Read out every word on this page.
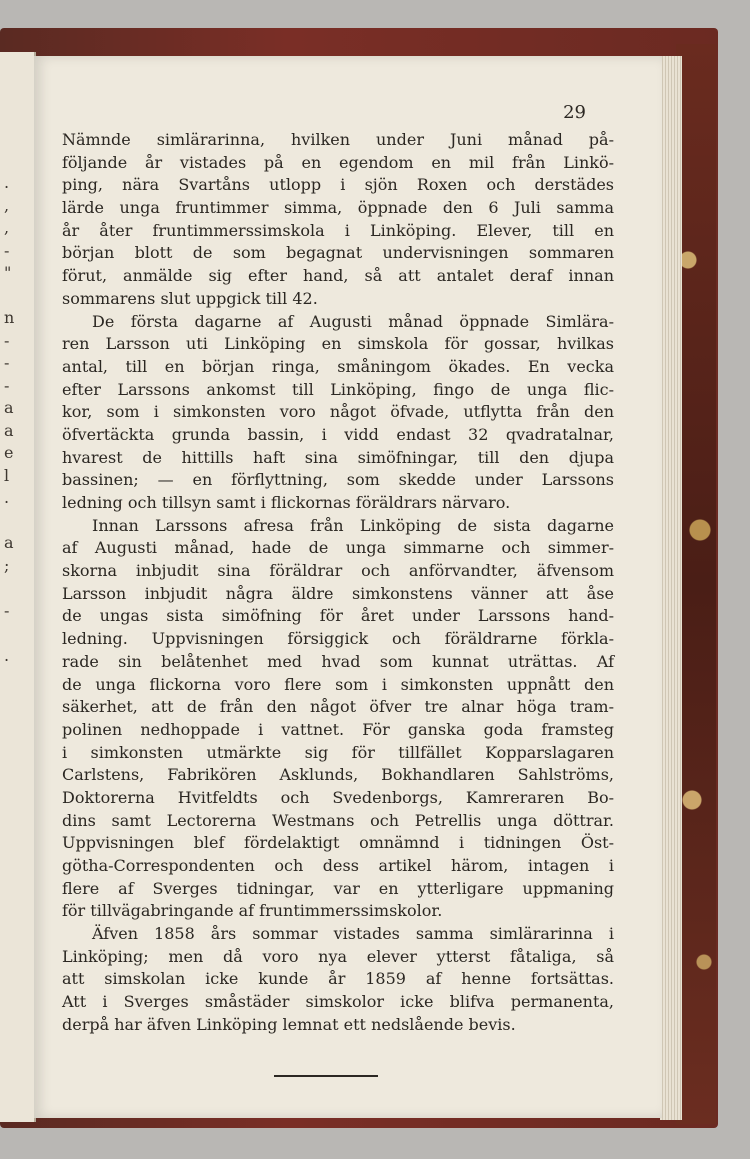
.
,
,
-
"
n
-
-
-
a
a
e
l
.
a
;
-
.
29
Nämnde simlärarinna, hvilken under Juni månad på-
följande år vistades på en egendom en mil från Linkö-
ping, nära Svartåns utlopp i sjön Roxen och derstädes
lärde unga fruntimmer simma, öppnade den 6 Juli samma
år åter fruntimmerssimskola i Linköping. Elever, till en
början blott de som begagnat undervisningen sommaren
förut, anmälde sig efter hand, så att antalet deraf innan
sommarens slut uppgick till 42.
De första dagarne af Augusti månad öppnade Simlära-
ren Larsson uti Linköping en simskola för gossar, hvilkas
antal, till en början ringa, småningom ökades. En vecka
efter Larssons ankomst till Linköping, fingo de unga flic-
kor, som i simkonsten voro något öfvade, utflytta från den
öfvertäckta grunda bassin, i vidd endast 32 qvadratalnar,
hvarest de hittills haft sina simöfningar, till den djupa
bassinen; — en förflyttning, som skedde under Larssons
ledning och tillsyn samt i flickornas föräldrars närvaro.
Innan Larssons afresa från Linköping de sista dagarne
af Augusti månad, hade de unga simmarne och simmer-
skorna inbjudit sina föräldrar och anförvandter, äfvensom
Larsson inbjudit några äldre simkonstens vänner att åse
de ungas sista simöfning för året under Larssons hand-
ledning. Uppvisningen försiggick och föräldrarne förkla-
rade sin belåtenhet med hvad som kunnat uträttas. Af
de unga flickorna voro flere som i simkonsten uppnått den
säkerhet, att de från den något öfver tre alnar höga tram-
polinen nedhoppade i vattnet. För ganska goda framsteg
i simkonsten utmärkte sig för tillfället Kopparslagaren
Carlstens, Fabrikören Asklunds, Bokhandlaren Sahlströms,
Doktorerna Hvitfeldts och Svedenborgs, Kamreraren Bo-
dins samt Lectorerna Westmans och Petrellis unga döttrar.
Uppvisningen blef fördelaktigt omnämnd i tidningen Öst-
götha-Correspondenten och dess artikel härom, intagen i
flere af Sverges tidningar, var en ytterligare uppmaning
för tillvägabringande af fruntimmerssimskolor.
Äfven 1858 års sommar vistades samma simlärarinna i
Linköping; men då voro nya elever ytterst fåtaliga, så
att simskolan icke kunde år 1859 af henne fortsättas.
Att i Sverges småstäder simskolor icke blifva permanenta,
derpå har äfven Linköping lemnat ett nedslående bevis.
